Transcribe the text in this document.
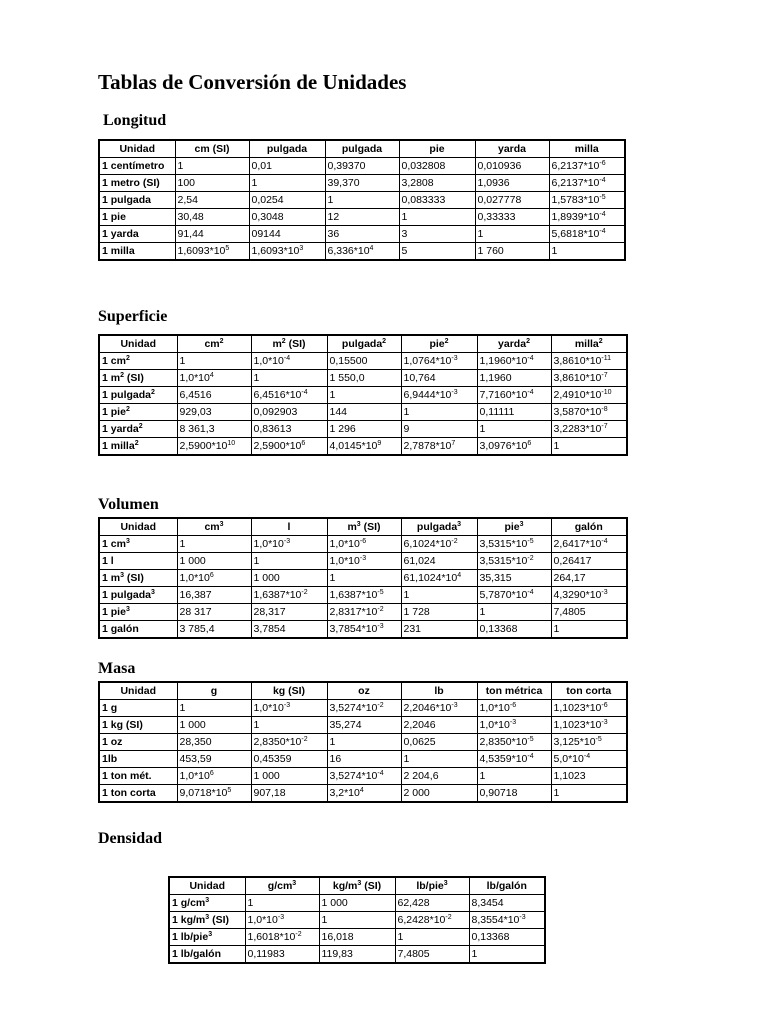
Tablas de Conversión de Unidades
Longitud
Unidad	cm (SI)	pulgada	pulgada	pie	yarda	milla
1 centímetro	1	0,01	0,39370	0,032808	0,010936	$6,2137*10^{-6}$
1 metro (SI)	100	1	39,370	3,2808	1,0936	$6,2137*10^{-4}$
1 pulgada	2,54	0,0254	1	0,083333	0,027778	$1,5783*10^{-5}$
1 pie	30,48	0,3048	12	1	0,33333	$1,8939*10^{-4}$
1 yarda	91,44	09144	36	3	1	$5,6818*10^{-4}$
1 milla	$1,6093*10^5$	$1,6093*10^3$	$6,336*10^4$	5	1 760	1
Superficie
Unidad	$cm^2$	$m^2$ (SI)	pulgada$^2$	pie$^2$	yarda$^2$	milla$^2$
1 $cm^2$	1	$1,0*10^{-4}$	0,15500	$1,0764*10^{-3}$	$1,1960*10^{-4}$	$3,8610*10^{-11}$
1 $m^2$ (SI)	$1,0*10^4$	1	1 550,0	10,764	1,1960	$3,8610*10^{-7}$
1 pulgada$^2$	6,4516	$6,4516*10^{-4}$	1	$6,9444*10^{-3}$	$7,7160*10^{-4}$	$2,4910*10^{-10}$
1 pie$^2$	929,03	0,092903	144	1	0,11111	$3,5870*10^{-8}$
1 yarda$^2$	8 361,3	0,83613	1 296	9	1	$3,2283*10^{-7}$
1 milla$^2$	$2,5900*10^{10}$	$2,5900*10^6$	$4,0145*10^9$	$2,7878*10^7$	$3,0976*10^6$	1
Volumen
Unidad	$cm^3$	l	$m^3$ (SI)	pulgada$^3$	pie$^3$	galón
1 $cm^3$	1	$1,0*10^{-3}$	$1,0*10^{-6}$	$6,1024*10^{-2}$	$3,5315*10^{-5}$	$2,6417*10^{-4}$
1 l	1 000	1	$1,0*10^{-3}$	61,024	$3,5315*10^{-2}$	0,26417
1 $m^3$ (SI)	$1,0*10^6$	1 000	1	$61,1024*10^4$	35,315	264,17
1 pulgada$^3$	16,387	$1,6387*10^{-2}$	$1,6387*10^{-5}$	1	$5,7870*10^{-4}$	$4,3290*10^{-3}$
1 pie$^3$	28 317	28,317	$2,8317*10^{-2}$	1 728	1	7,4805
1 galón	3 785,4	3,7854	$3,7854*10^{-3}$	231	0,13368	1
Masa
Unidad	g	kg (SI)	oz	lb	ton métrica	ton corta
1 g	1	$1,0*10^{-3}$	$3,5274*10^{-2}$	$2,2046*10^{-3}$	$1,0*10^{-6}$	$1,1023*10^{-6}$
1 kg (SI)	1 000	1	35,274	2,2046	$1,0*10^{-3}$	$1,1023*10^{-3}$
1 oz	28,350	$2,8350*10^{-2}$	1	0,0625	$2,8350*10^{-5}$	$3,125*10^{-5}$
1lb	453,59	0,45359	16	1	$4,5359*10^{-4}$	$5,0*10^{-4}$
1 ton mét.	$1,0*10^6$	1 000	$3,5274*10^{-4}$	2 204,6	1	1,1023
1 ton corta	$9,0718*10^5$	907,18	$3,2*10^4$	2 000	0,90718	1
Densidad
Unidad	$g/cm^3$	$kg/m^3$ (SI)	lb/pie$^3$	lb/galón
1 $g/cm^3$	1	1 000	62,428	8,3454
1 $kg/m^3$ (SI)	$1,0*10^{-3}$	1	$6,2428*10^{-2}$	$8,3554*10^{-3}$
1 lb/pie$^3$	$1,6018*10^{-2}$	16,018	1	0,13368
1 lb/galón	0,11983	119,83	7,4805	1
